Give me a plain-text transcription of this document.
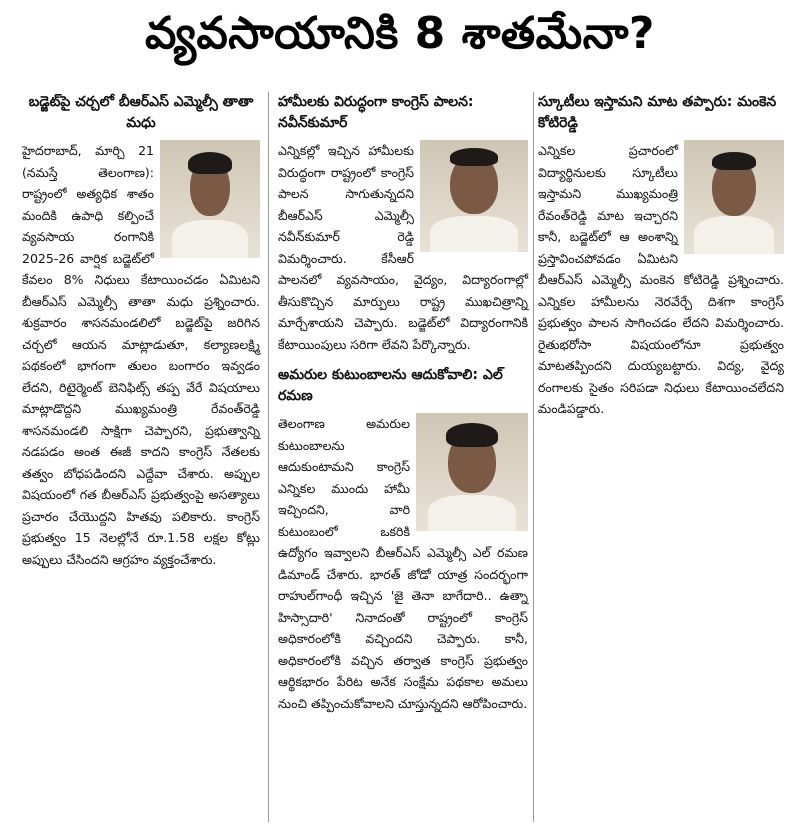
వ్యవసాయానికి 8 శాతమేనా?
బడ్జెట్‌పై చర్చలో బీఆర్‌ఎస్ ఎమ్మెల్సీ తాతా మధు

హైదరాబాద్, మార్చి 21 (నమస్తే తెలంగాణ): రాష్ట్రంలో అత్యధిక శాతం మందికి ఉపాధి కల్పించే వ్యవసాయ రంగానికి 2025-26 వార్షిక బడ్జెట్‌లో కేవలం 8% నిధులు కేటాయించడం ఏమిటని బీఆర్‌ఎస్ ఎమ్మెల్సీ తాతా మధు ప్రశ్నించారు. శుక్రవారం శాసనమండలిలో బడ్జెట్‌పై జరిగిన చర్చలో ఆయన మాట్లాడుతూ, కల్యాణలక్ష్మి పథకంలో భాగంగా తులం బంగారం ఇవ్వడం లేదని, రిటైర్మెంట్ బెనిఫిట్స్ తప్ప వేరే విషయాలు మాట్లాడొద్దని ముఖ్యమంత్రి రేవంత్‌రెడ్డి శాసనమండలి సాక్షిగా చెప్పారని, ప్రభుత్వాన్ని నడపడం అంత ఈజీ కాదని కాంగ్రెస్ నేతలకు తత్వం బోధపడిందని ఎద్దేవా చేశారు. అప్పుల విషయంలో గత బీఆర్‌ఎస్ ప్రభుత్వంపై అసత్యాలు ప్రచారం చేయొద్దని హితవు పలికారు. కాంగ్రెస్ ప్రభుత్వం 15 నెలల్లోనే రూ.1.58 లక్షల కోట్లు అప్పులు చేసిందని ఆగ్రహం వ్యక్తంచేశారు.

హామీలకు విరుద్ధంగా కాంగ్రెస్ పాలన: నవీన్‌కుమార్

ఎన్నికల్లో ఇచ్చిన హామీలకు విరుద్ధంగా రాష్ట్రంలో కాంగ్రెస్ పాలన సాగుతున్నదని బీఆర్‌ఎస్ ఎమ్మెల్సీ నవీన్‌కుమార్ రెడ్డి విమర్శించారు. కేసీఆర్ పాలనలో వ్యవసాయం, వైద్యం, విద్యారంగాల్లో తీసుకొచ్చిన మార్పులు రాష్ట్ర ముఖచిత్రాన్ని మార్చేశాయని చెప్పారు. బడ్జెట్‌లో విద్యారంగానికి కేటాయింపులు సరిగా లేవని పేర్కొన్నారు.

అమరుల కుటుంబాలను ఆదుకోవాలి: ఎల్ రమణ

తెలంగాణ అమరుల కుటుంబాలను ఆదుకుంటామని కాంగ్రెస్ ఎన్నికల ముందు హామీ ఇచ్చిందని, వారి కుటుంబంలో ఒకరికి ఉద్యోగం ఇవ్వాలని బీఆర్‌ఎస్ ఎమ్మెల్సీ ఎల్ రమణ డిమాండ్ చేశారు. భారత్ జోడో యాత్ర సందర్భంగా రాహుల్‌గాంధీ ఇచ్చిన 'జై తెనా బాగేదారి.. ఉత్నా హిస్సాదారి' నినాదంతో రాష్ట్రంలో కాంగ్రెస్ అధికారంలోకి వచ్చిందని చెప్పారు. కానీ, అధికారంలోకి వచ్చిన తర్వాత కాంగ్రెస్ ప్రభుత్వం ఆర్థికభారం పేరిట అనేక సంక్షేమ పథకాల అమలు నుంచి తప్పించుకోవాలని చూస్తున్నదని ఆరోపించారు.

స్కూటీలు ఇస్తామని మాట తప్పారు: మంకెన కోటిరెడ్డి

ఎన్నికల ప్రచారంలో విద్యార్థినులకు స్కూటీలు ఇస్తామని ముఖ్యమంత్రి రేవంత్‌రెడ్డి మాట ఇచ్చారని కానీ, బడ్జెట్‌లో ఆ అంశాన్ని ప్రస్తావించపోవడం ఏమిటని బీఆర్‌ఎస్ ఎమ్మెల్సీ మంకెన కోటిరెడ్డి ప్రశ్నించారు. ఎన్నికల హామీలను నెరవేర్చే దిశగా కాంగ్రెస్ ప్రభుత్వం పాలన సాగించడం లేదని విమర్శించారు. రైతుభరోసా విషయంలోనూ ప్రభుత్వం మాటతప్పిందని దుయ్యబట్టారు. విద్య, వైద్య రంగాలకు సైతం సరిపడా నిధులు కేటాయించలేదని మండిపడ్డారు.
